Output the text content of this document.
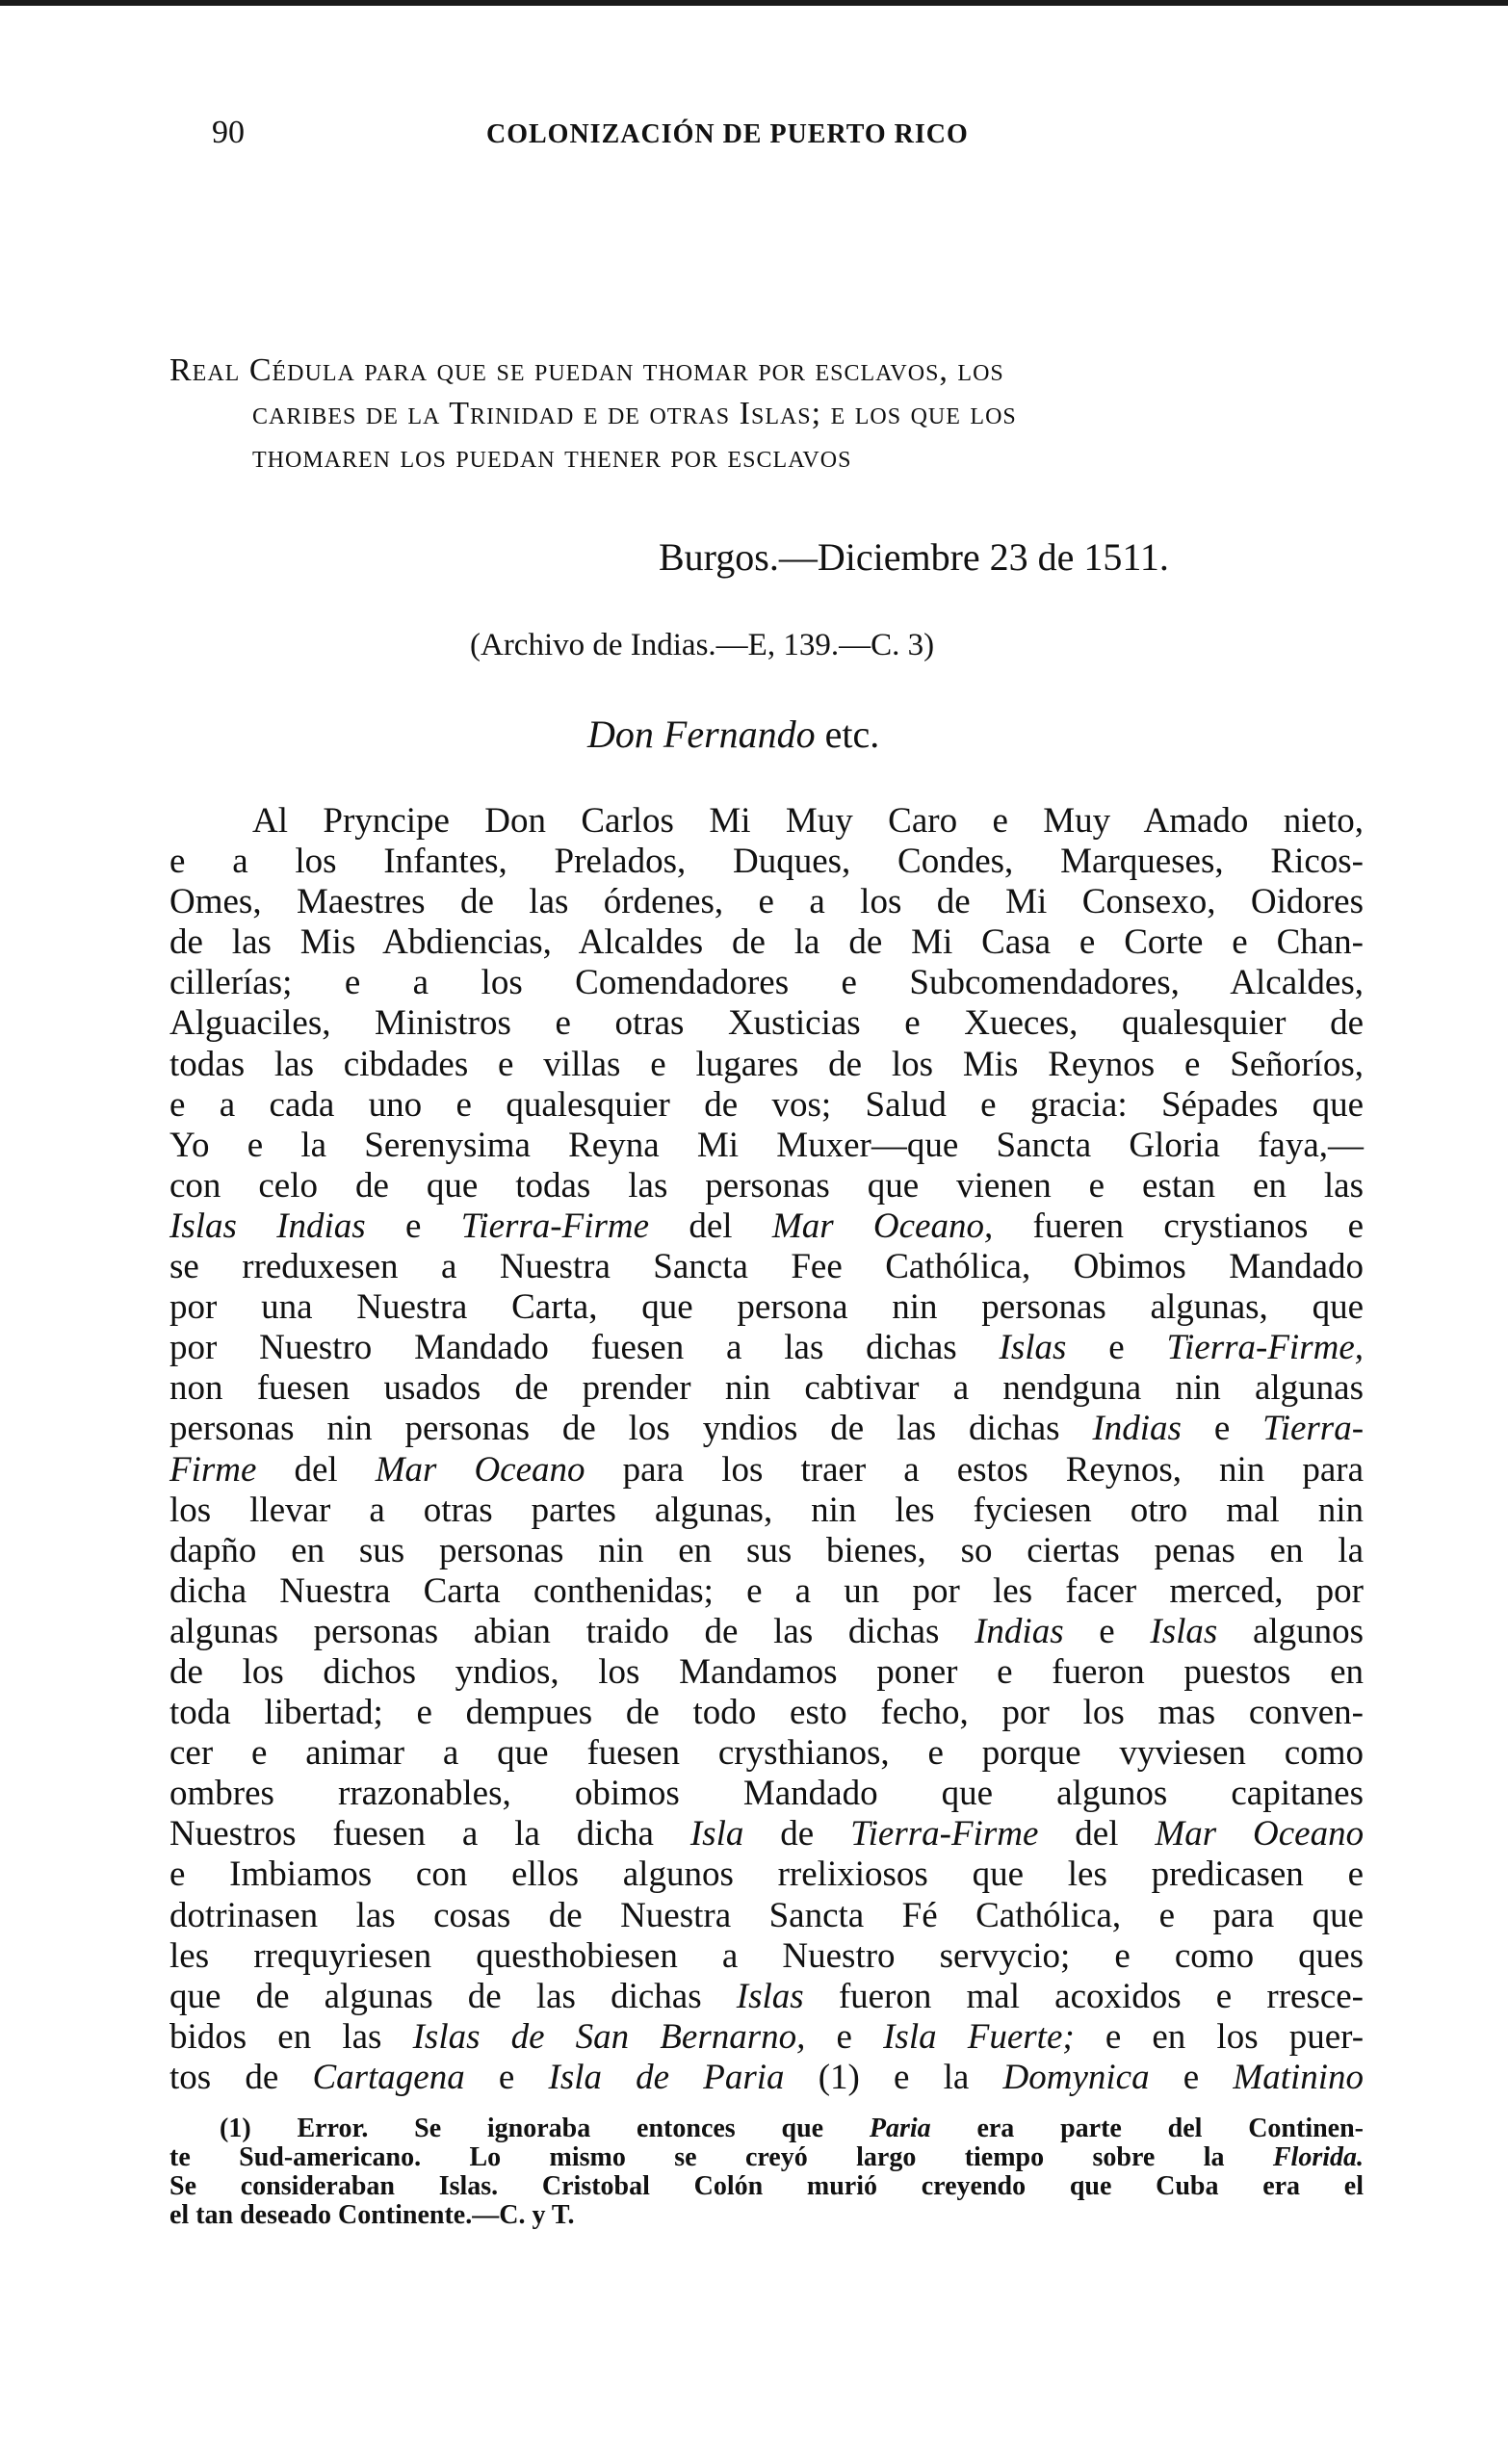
90	COLONIZACIÓN DE PUERTO RICO
Real Cédula para que se puedan thomar por esclavos, los
caribes de la Trinidad e de otras Islas; e los que los
thomaren los puedan thener por esclavos
Burgos.—Diciembre 23 de 1511.
(Archivo de Indias.—E, 139.—C. 3)
Don Fernando etc.
Al Pryncipe Don Carlos Mi Muy Caro e Muy Amado nieto,
e a los Infantes, Prelados, Duques, Condes, Marqueses, Ricos-
Omes, Maestres de las órdenes, e a los de Mi Consexo, Oidores
de las Mis Abdiencias, Alcaldes de la de Mi Casa e Corte e Chan-
cillerías; e a los Comendadores e Subcomendadores, Alcaldes,
Alguaciles, Ministros e otras Xusticias e Xueces, qualesquier de
todas las cibdades e villas e lugares de los Mis Reynos e Señoríos,
e a cada uno e qualesquier de vos; Salud e gracia: Sépades que
Yo e la Serenysima Reyna Mi Muxer—que Sancta Gloria faya,—
con celo de que todas las personas que vienen e estan en las
Islas Indias e Tierra-Firme del Mar Oceano, fueren crystianos e
se rreduxesen a Nuestra Sancta Fee Cathólica, Obimos Mandado
por una Nuestra Carta, que persona nin personas algunas, que
por Nuestro Mandado fuesen a las dichas Islas e Tierra-Firme,
non fuesen usados de prender nin cabtivar a nendguna nin algunas
personas nin personas de los yndios de las dichas Indias e Tierra-
Firme del Mar Oceano para los traer a estos Reynos, nin para
los llevar a otras partes algunas, nin les fyciesen otro mal nin
dapño en sus personas nin en sus bienes, so ciertas penas en la
dicha Nuestra Carta conthenidas; e a un por les facer merced, por
algunas personas abian traido de las dichas Indias e Islas algunos
de los dichos yndios, los Mandamos poner e fueron puestos en
toda libertad; e dempues de todo esto fecho, por los mas conven-
cer e animar a que fuesen crysthianos, e porque vyviesen como
ombres rrazonables, obimos Mandado que algunos capitanes
Nuestros fuesen a la dicha Isla de Tierra-Firme del Mar Oceano
e Imbiamos con ellos algunos rrelixiosos que les predicasen e
dotrinasen las cosas de Nuestra Sancta Fé Cathólica, e para que
les rrequyriesen questhobiesen a Nuestro servycio; e como ques
que de algunas de las dichas Islas fueron mal acoxidos e rresce-
bidos en las Islas de San Bernarno, e Isla Fuerte; e en los puer-
tos de Cartagena e Isla de Paria (1) e la Domynica e Matinino
(1) Error. Se ignoraba entonces que Paria era parte del Continen-
te Sud-americano. Lo mismo se creyó largo tiempo sobre la Florida.
Se consideraban Islas. Cristobal Colón murió creyendo que Cuba era el
el tan deseado Continente.—C. y T.
